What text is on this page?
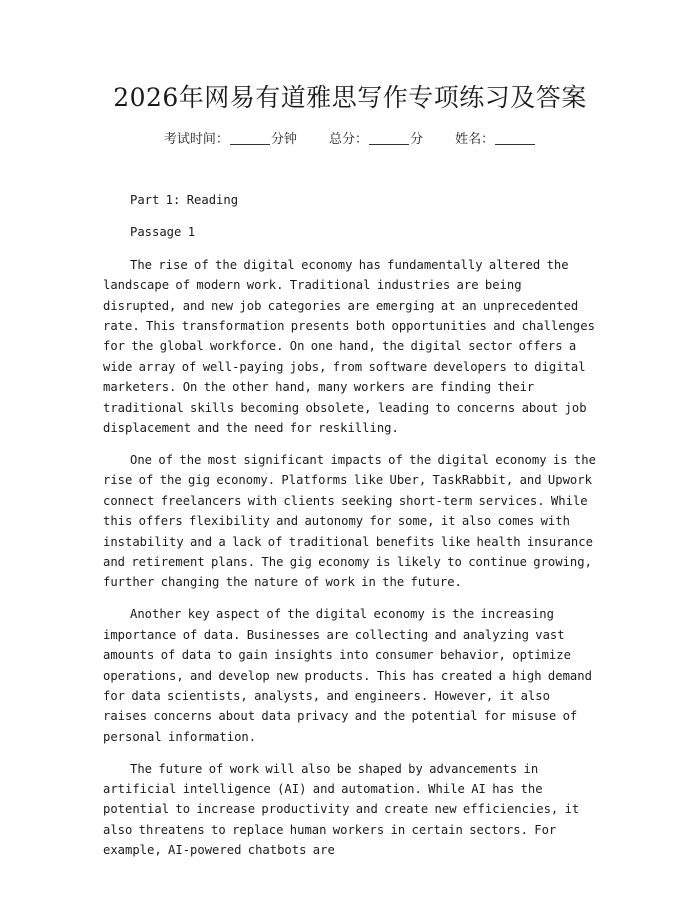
2026年网易有道雅思写作专项练习及答案
考试时间：	分钟 总分：	分 姓名：

Part 1: Reading

Passage 1

The rise of the digital economy has fundamentally altered the landscape of modern work. Traditional industries are being disrupted, and new job categories are emerging at an unprecedented rate. This transformation presents both opportunities and challenges for the global workforce. On one hand, the digital sector offers a wide array of well-paying jobs, from software developers to digital marketers. On the other hand, many workers are finding their traditional skills becoming obsolete, leading to concerns about job displacement and the need for reskilling.

One of the most significant impacts of the digital economy is the rise of the gig economy. Platforms like Uber, TaskRabbit, and Upwork connect freelancers with clients seeking short-term services. While this offers flexibility and autonomy for some, it also comes with instability and a lack of traditional benefits like health insurance and retirement plans. The gig economy is likely to continue growing, further changing the nature of work in the future.

Another key aspect of the digital economy is the increasing importance of data. Businesses are collecting and analyzing vast amounts of data to gain insights into consumer behavior, optimize operations, and develop new products. This has created a high demand for data scientists, analysts, and engineers. However, it also raises concerns about data privacy and the potential for misuse of personal information.

The future of work will also be shaped by advancements in artificial intelligence (AI) and automation. While AI has the potential to increase productivity and create new efficiencies, it also threatens to replace human workers in certain sectors. For example, AI-powered chatbots are
